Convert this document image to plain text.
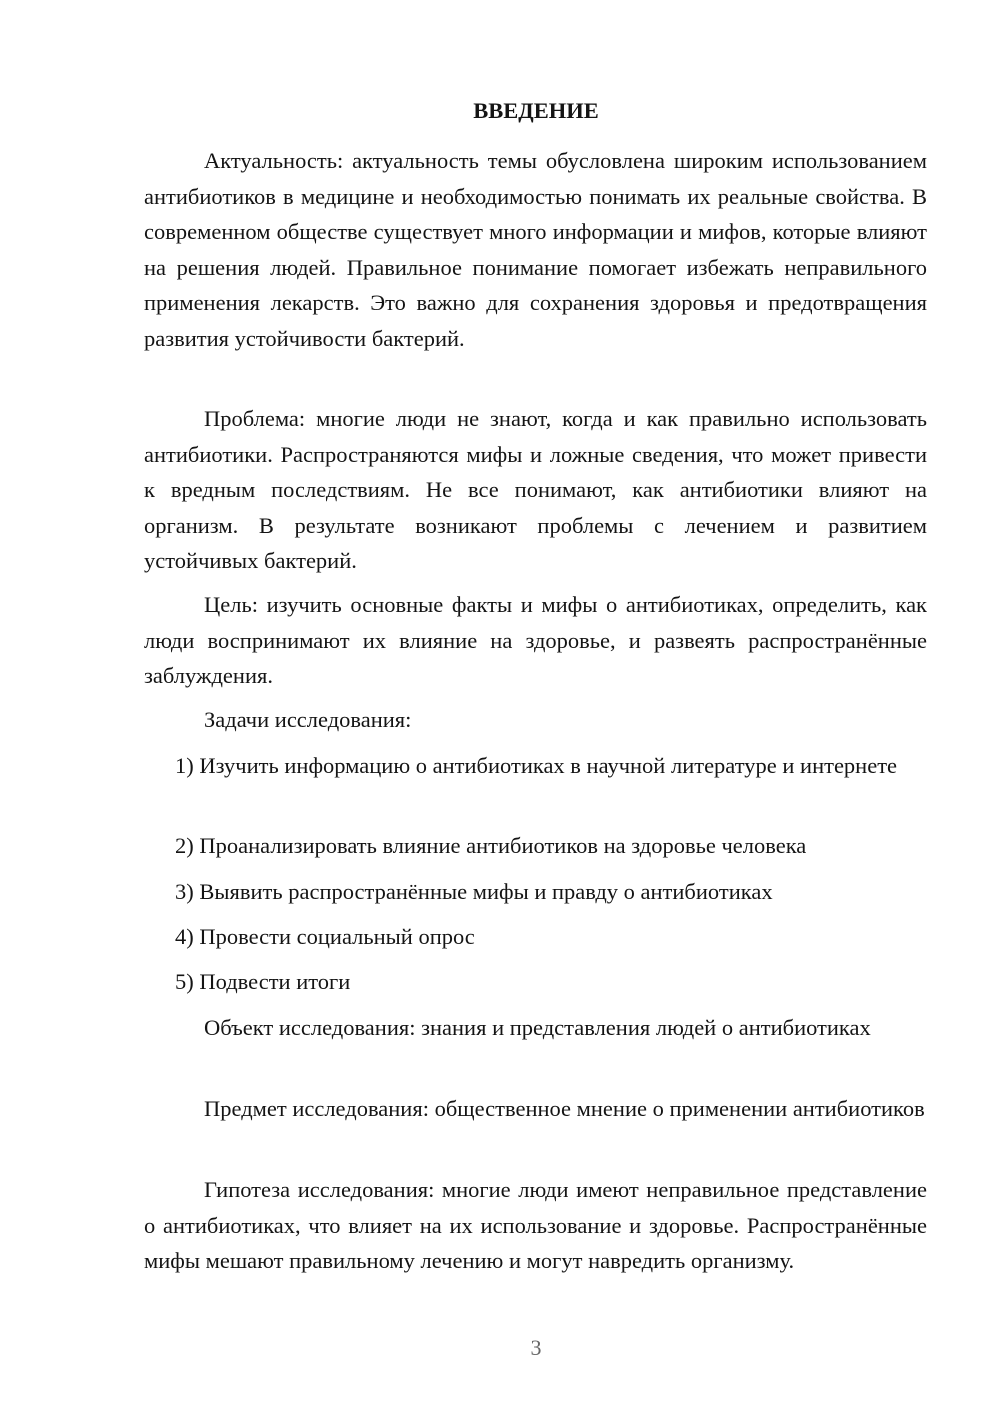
ВВЕДЕНИЕ

Актуальность: актуальность темы обусловлена широким использованием антибиотиков в медицине и необходимостью понимать их реальные свойства. В современном обществе существует много информации и мифов, которые влияют на решения людей. Правильное понимание помогает избежать неправильного применения лекарств. Это важно для сохранения здоровья и предотвращения развития устойчивости бактерий.

Проблема: многие люди не знают, когда и как правильно использовать антибиотики. Распространяются мифы и ложные сведения, что может привести к вредным последствиям. Не все понимают, как антибиотики влияют на организм. В результате возникают проблемы с лечением и развитием устойчивых бактерий.

Цель: изучить основные факты и мифы о антибиотиках, определить, как люди воспринимают их влияние на здоровье, и развеять распространённые заблуждения.

Задачи исследования:

1) Изучить информацию о антибиотиках в научной литературе и интернете

2) Проанализировать влияние антибиотиков на здоровье человека

3) Выявить распространённые мифы и правду о антибиотиках

4) Провести социальный опрос

5) Подвести итоги

Объект исследования: знания и представления людей о антибиотиках

Предмет исследования: общественное мнение о применении антибиотиков

Гипотеза исследования: многие люди имеют неправильное представление о антибиотиках, что влияет на их использование и здоровье. Распространённые мифы мешают правильному лечению и могут навредить организму.

3
